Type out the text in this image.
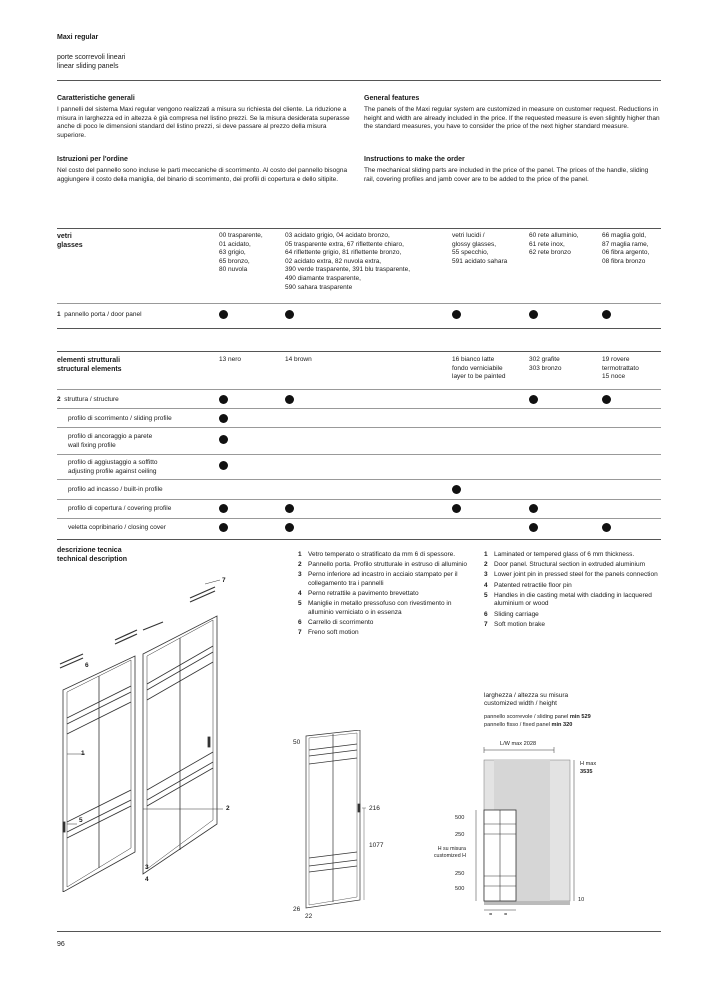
Maxi regular
porte scorrevoli lineari
linear sliding panels
Caratteristiche generali
I pannelli del sistema Maxi regular vengono realizzati a misura su richiesta del cliente. La riduzione a misura in larghezza ed in altezza è già compresa nel listino prezzi. Se la misura desiderata superasse anche di poco le dimensioni standard del listino prezzi, si deve passare al prezzo della misura superiore.
General features
The panels of the Maxi regular system are customized in measure on customer request. Reductions in height and width are already included in the price. If the requested measure is even slightly higher than the standard measures, you have to consider the price of the next higher standard measure.
Istruzioni per l'ordine
Nel costo del pannello sono incluse le parti meccaniche di scorrimento. Al costo del pannello bisogna aggiungere il costo della maniglia, del binario di scorrimento, dei profili di copertura e dello sitipite.
Instructions to make the order
The mechanical sliding parts are included in the price of the panel. The prices of the handle, sliding rail, covering profiles and jamb cover are to be added to the price of the panel.
vetri
glasses
00 trasparente,
01 acidato,
63 grigio,
65 bronzo,
80 nuvola
03 acidato grigio, 04 acidato bronzo,
05 trasparente extra, 67 riflettente chiaro,
64 riflettente grigio, 81 riflettente bronzo,
02 acidato extra, 82 nuvola extra,
390 verde trasparente, 391 blu trasparente,
490 diamante trasparente,
590 sahara trasparente
vetri lucidi /
glossy glasses,
55 specchio,
591 acidato sahara
60 rete alluminio,
61 rete inox,
62 rete bronzo
66 maglia gold,
87 maglia rame,
06 fibra argento,
08 fibra bronzo
1 pannello porta / door panel
elementi strutturali
structural elements
13 nero	14 brown	16 bianco latte
fondo verniciabile
layer to be painted
302 grafite
303 bronzo
19 rovere
termotrattato
15 noce
2 struttura / structure
profilo di scorrimento / sliding profile
profilo di ancoraggio a parete
wall fixing profile
profilo di aggiustaggio a soffitto
adjusting profile against ceiling
profilo ad incasso / built-in profile
profilo di copertura / covering profile
veletta copribinario / closing cover
descrizione tecnica
technical description
1 Vetro temperato o stratificato da mm 6 di spessore.
2 Pannello porta. Profilo strutturale in estruso di alluminio
3 Perno inferiore ad incastro in acciaio stampato per il collegamento tra i pannelli
4 Perno retrattile a pavimento brevettato
5 Maniglie in metallo pressofuso con rivestimento in alluminio verniciato o in essenza
6 Carrello di scorrimento
7 Freno soft motion
1 Laminated or tempered glass of 6 mm thickness.
2 Door panel. Structural section in extruded aluminium
3 Lower joint pin in pressed steel for the panels connection
4 Patented retractile floor pin
5 Handles in die casting metal with cladding in lacquered aluminium or wood
6 Sliding carriage
7 Soft motion brake
1
2
3
4
5
6
7
50
216
1077
26
22
larghezza / altezza su misura
customized width / height
pannello scorrevole / sliding panel min 529
pannello fisso / fixed panel min 320
L/W max 2028
H max
3535
500
250
H su misura
customized H
250
500
10
= =
96
